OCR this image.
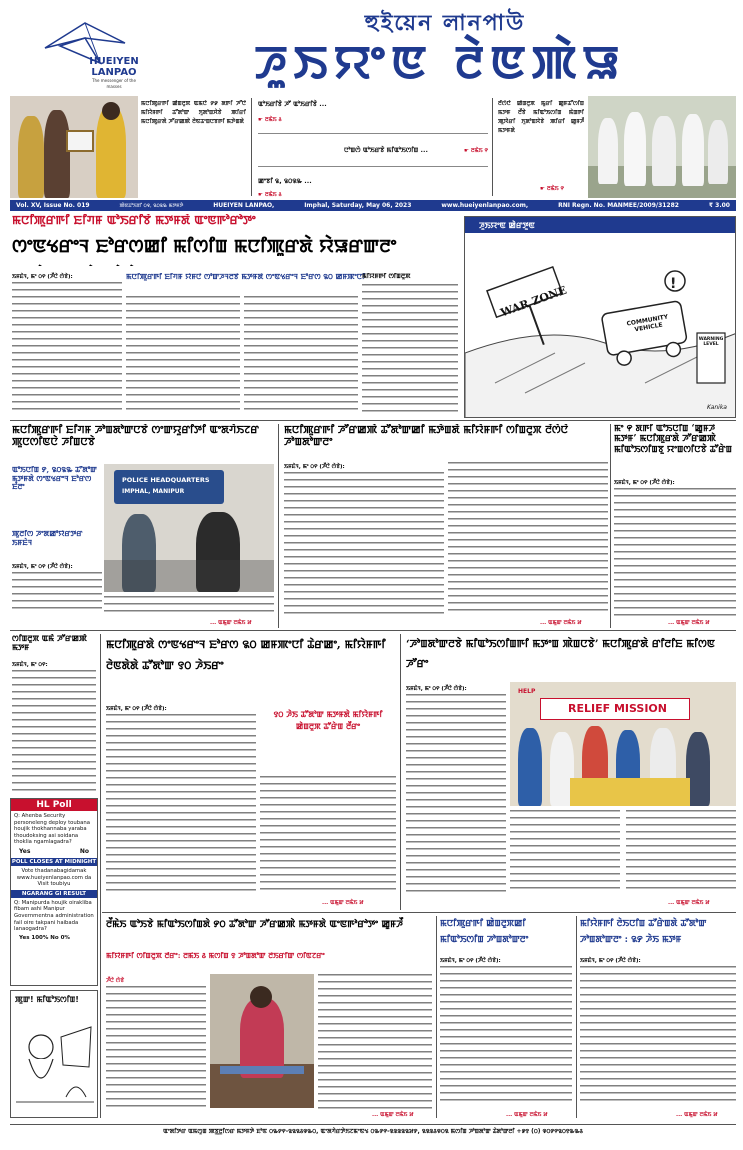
HUEIYEN
LANPAO
The messenger of the masses
হুইয়েন লানপাউ
ꯍꯨꯏꯌꯦꯟ ꯂꯥꯟꯄꯥꯎ
ꯃꯅꯤꯄꯨꯔꯒꯤ ꯀꯥꯡꯂꯨꯞ ꯑꯃꯅꯥ ꯸꯹ ꯗꯒꯤ ꯍꯧꯅꯥ ꯃꯤꯌꯥꯝꯒꯤ ꯊꯧꯗꯣꯛ ꯈꯨꯗꯣꯡꯆꯥꯕꯥ ꯄꯤꯔꯤ ꯃꯅꯤꯄꯨꯔꯗꯥ ꯍꯧꯔꯀꯄꯥ ꯂꯥꯟꯊꯦꯡꯅꯕꯒꯤ ꯃꯇꯥꯡꯗꯥ
ꯑꯣꯏꯔꯤꯕꯥ ꯍꯧ ꯑꯣꯏꯔꯤꯕꯥ ...
☛ ꯂꯃꯥꯏ ꯴
ꯅꯣꯡꯁꯥ ꯑꯣꯏꯔꯕꯥ ꯃꯤꯑꯣꯏꯁꯤꯡ ...	☛ ꯂꯃꯥꯏ ꯵
ꯀꯦꯕꯤ ꯲, ꯲꯰꯲꯳ ...
☛ ꯂꯃꯥꯏ ꯴
ꯂꯩꯁꯥꯅꯥ ꯀꯥꯡꯂꯨꯞ ꯃꯨꯔꯤ ꯀꯨꯝꯊꯧꯁꯤꯡ ꯃꯇꯝ ꯂꯩꯕꯥ ꯃꯤꯑꯣꯏꯁꯤꯡ ꯃꯥꯡꯒꯤ ꯄꯨꯋꯥꯔꯤ ꯈꯨꯗꯣꯡꯆꯥꯕꯥ ꯄꯤꯔꯤ ꯀꯨꯝꯍꯩ ꯃꯇꯝꯗꯥ
☛ ꯂꯃꯥꯏ ꯵
Vol. XV, Issue No. 019	ꯄꯥꯟꯊꯣꯏꯕꯤ ꯰꯶, ꯲꯰꯲꯳ ꯃꯇꯝꯇꯥ	HUEIYEN LANPAO,	Imphal, Saturday, May 06, 2023	www.hueiyenlanpao.com,	RNI Regn. No. MANMEE/2009/31282	₹ 3.00
ꯃꯅꯤꯄꯨꯔꯒꯤ ꯐꯤꯚꯝ ꯑꯣꯏꯔꯤꯕꯥ ꯃꯇꯝꯗꯥ ꯑꯦꯟꯒꯣꯔꯣꯇꯦ
ꯁꯦꯟꯠꯔꯦꯜ ꯐꯣꯔꯁꯀꯤ ꯃꯤꯁꯤꯡ ꯃꯅꯤꯄꯨꯔꯗꯥ ꯌꯥꯎꯔꯛꯂꯦ
ꯏꯝꯐꯥꯜ, ꯃꯦ ꯰꯵ (ꯍꯩꯅꯥ ꯁꯥꯕꯥ):	ꯃꯅꯤꯄꯨꯔꯒꯤ ꯐꯤꯚꯝ ꯌꯥꯝꯅꯥ ꯁꯣꯛꯍꯜꯂꯕꯥ ꯃꯇꯝꯗꯥ ꯁꯦꯟꯠꯔꯦꯜ ꯐꯣꯔꯁ ꯲꯰ ꯀꯝꯄꯦꯅꯤ
ꯃꯤꯌꯥꯝꯒꯤ ꯁꯤꯡꯂꯨꯞ
ꯍꯨꯏꯌꯦꯟ ꯀꯥꯔꯇꯨꯟ
!
WAR ZONE
COMMUNITY VEHICLE
WARNING LEVEL
Kanika
ꯃꯅꯤꯄꯨꯔꯒꯤ ꯐꯤꯚꯝ ꯍꯣꯡꯗꯣꯛꯅꯕꯥ ꯁꯦꯛꯌꯨꯔꯤꯇꯤ ꯑꯦꯗꯚꯥꯏꯖꯔ ꯄꯨꯅꯁꯤꯟꯅꯥ ꯍꯤꯡꯅꯕꯥ
ꯑꯣꯏꯅꯤꯡ ꯸, ꯲꯰꯲꯳ ꯊꯧꯗꯣꯛ ꯃꯇꯝꯗꯥ ꯁꯦꯟꯠꯔꯦꯜ ꯐꯣꯔꯁ ꯐꯪꯂꯦ
ꯄꯨꯂꯤꯁ ꯍꯦꯗꯀꯣꯌꯥꯔꯇꯔ ꯏꯝꯐꯥꯜ
POLICE HEADQUARTERS
IMPHAL, MANIPUR
ꯏꯝꯐꯥꯜ, ꯃꯦ ꯰꯵ (ꯍꯩꯅꯥ ꯁꯥꯕꯥ):
... ꯑꯃꯨꯛ ꯂꯃꯥꯏ ꯷
ꯃꯅꯤꯄꯨꯔꯒꯤ ꯍꯧꯔꯀꯄꯥ ꯊꯧꯗꯣꯛꯀꯤ ꯃꯇꯥꯡꯗꯥ ꯃꯤꯌꯥꯝꯒꯤ ꯁꯤꯡꯂꯨꯞ ꯂꯩꯁꯥꯅꯥ ꯍꯣꯡꯗꯣꯛꯂꯦ
ꯏꯝꯐꯥꯜ, ꯃꯦ ꯰꯵ (ꯍꯩꯅꯥ ꯁꯥꯕꯥ):
... ꯑꯃꯨꯛ ꯂꯃꯥꯏ ꯷
ꯃꯦ ꯵ ꯗꯒꯤ ꯑꯣꯏꯅꯤꯡ ‘ꯀꯨꯝꯍꯩ ꯃꯇꯝ’ ꯃꯅꯤꯄꯨꯔꯗꯥ ꯍꯧꯔꯀꯄꯥ ꯃꯤꯑꯣꯏꯁꯤꯡꯕꯨ ꯌꯦꯡꯁꯤꯅꯕꯥ ꯊꯧꯔꯥꯡ
ꯏꯝꯐꯥꯜ, ꯃꯦ ꯰꯵ (ꯍꯩꯅꯥ ꯁꯥꯕꯥ):
... ꯑꯃꯨꯛ ꯂꯃꯥꯏ ꯷
ꯁꯤꯡꯂꯨꯞ ꯑꯃꯥ ꯍꯧꯔꯀꯄꯥ ꯃꯇꯝ
ꯏꯝꯐꯥꯜ, ꯃꯦ ꯰꯵:
HL Poll
Q: Ahenba Security personeleng deploy toubana houjik thokhannaba yaraba thoudoksing asi soidana thoklia ngamlagadra?
Yes	No
POLL CLOSES AT MIDNIGHT
Vote thadanabagidamak www.hueiyenlanpao.com da Visit toubiyu
NGARANG GI RESULT
Q: Manipurda houjik oirakliba fibam ashi Manipur Governmentna administration fail oire takpani haibada lanaogadra?
Yes 100% No 0%
ꯄꯨꯛ! ꯃꯤꯑꯣꯏꯁꯤꯡ!
ꯃꯅꯤꯄꯨꯔꯗꯥ ꯁꯦꯟꯠꯔꯦꯜ ꯐꯣꯔꯁ ꯲꯰ ꯀꯝꯄꯦꯅꯤ ꯊꯥꯔꯀꯦ, ꯃꯤꯌꯥꯝꯒꯤ ꯂꯥꯟꯗꯥꯗꯥ ꯊꯧꯗꯣꯛ ꯱꯰ ꯍꯥꯏꯔꯦ
ꯏꯝꯐꯥꯜ, ꯃꯦ ꯰꯵ (ꯍꯩꯅꯥ ꯁꯥꯕꯥ):	꯱꯰ ꯍꯥꯏ ꯊꯧꯗꯣꯛ ꯃꯇꯝꯗꯥ ꯃꯤꯌꯥꯝꯒꯤ ꯀꯥꯡꯂꯨꯞ ꯊꯧꯔꯥꯡ ꯂꯩꯔꯦ
... ꯑꯃꯨꯛ ꯂꯃꯥꯏ ꯷
‘ꯍꯣꯡꯗꯣꯛꯂꯕꯥ ꯃꯤꯑꯣꯏꯁꯤꯡꯒꯤ ꯃꯇꯦꯡ ꯄꯥꯡꯅꯕꯥ’ ꯃꯅꯤꯄꯨꯔꯗꯥ ꯔꯤꯂꯤꯐ ꯃꯤꯁꯟ ꯍꯧꯔꯦ
ꯏꯝꯐꯥꯜ, ꯃꯦ ꯰꯵ (ꯍꯩꯅꯥ ꯁꯥꯕꯥ):
RELIEF MISSION
HELP
... ꯑꯃꯨꯛ ꯂꯃꯥꯏ ꯷
ꯂꯩꯃꯥꯏ ꯑꯣꯏꯕꯥ ꯃꯤꯑꯣꯏꯁꯤꯡꯗꯥ ꯸꯰ ꯊꯧꯗꯣꯛ ꯍꯧꯔꯀꯄꯥ ꯃꯇꯝꯗꯥ ꯑꯦꯟꯒꯣꯔꯣꯇꯦ ꯀꯨꯝꯍꯩ
ꯃꯤꯌꯥꯝꯒꯤ ꯁꯤꯡꯂꯨꯞ ꯂꯩꯔꯦ: ꯂꯃꯥꯏ ꯴ ꯃꯁꯤꯡ ꯱ ꯍꯣꯡꯗꯣꯛ ꯂꯥꯏꯔꯤꯛ ꯁꯤꯟꯖꯔꯦ
ꯍꯩꯅꯥ ꯁꯥꯕꯥ
... ꯑꯃꯨꯛ ꯂꯃꯥꯏ ꯷
ꯃꯅꯤꯄꯨꯔꯒꯤ ꯀꯥꯡꯂꯨꯞꯀꯤ ꯃꯤꯑꯣꯏꯁꯤꯡ ꯍꯣꯡꯗꯣꯛꯂꯦ
ꯏꯝꯐꯥꯜ, ꯃꯦ ꯰꯵ (ꯍꯩꯅꯥ ꯁꯥꯕꯥ):
... ꯑꯃꯨꯛ ꯂꯃꯥꯏ ꯷
ꯃꯤꯌꯥꯝꯒꯤ ꯂꯥꯏꯅꯤꯡ ꯊꯧꯔꯥꯡꯗꯥ ꯊꯧꯗꯣꯛ ꯍꯣꯡꯗꯣꯛꯂꯦ : ꯲꯸ ꯍꯥꯏ ꯃꯇꯝ
ꯏꯝꯐꯥꯜ, ꯃꯦ ꯰꯵ (ꯍꯩꯅꯥ ꯁꯥꯕꯥ):
... ꯑꯃꯨꯛ ꯂꯃꯥꯏ ꯷
ꯑꯦꯗꯤꯇꯔ ꯑꯃꯁꯨꯡ ꯄꯕ꯭ꯂꯤꯁꯔ ꯃꯇꯝꯇꯥ ꯐꯣꯟ ꯰꯳꯸꯵-꯲꯲꯲꯴꯶꯳꯰, ꯑꯦꯗꯚꯥꯔꯇꯥꯏꯖꯃꯦꯟꯠ ꯰꯳꯸꯵-꯲꯲꯲꯲꯲꯷꯸, ꯲꯲꯲꯴꯶꯰꯲ ꯃꯁꯤꯡ ꯍꯣꯡꯗꯣꯛ ꯊꯥꯗꯣꯛꯂꯤ +꯹꯱ (꯰) ꯶꯰꯸꯵꯲꯰꯱꯳꯳꯴
